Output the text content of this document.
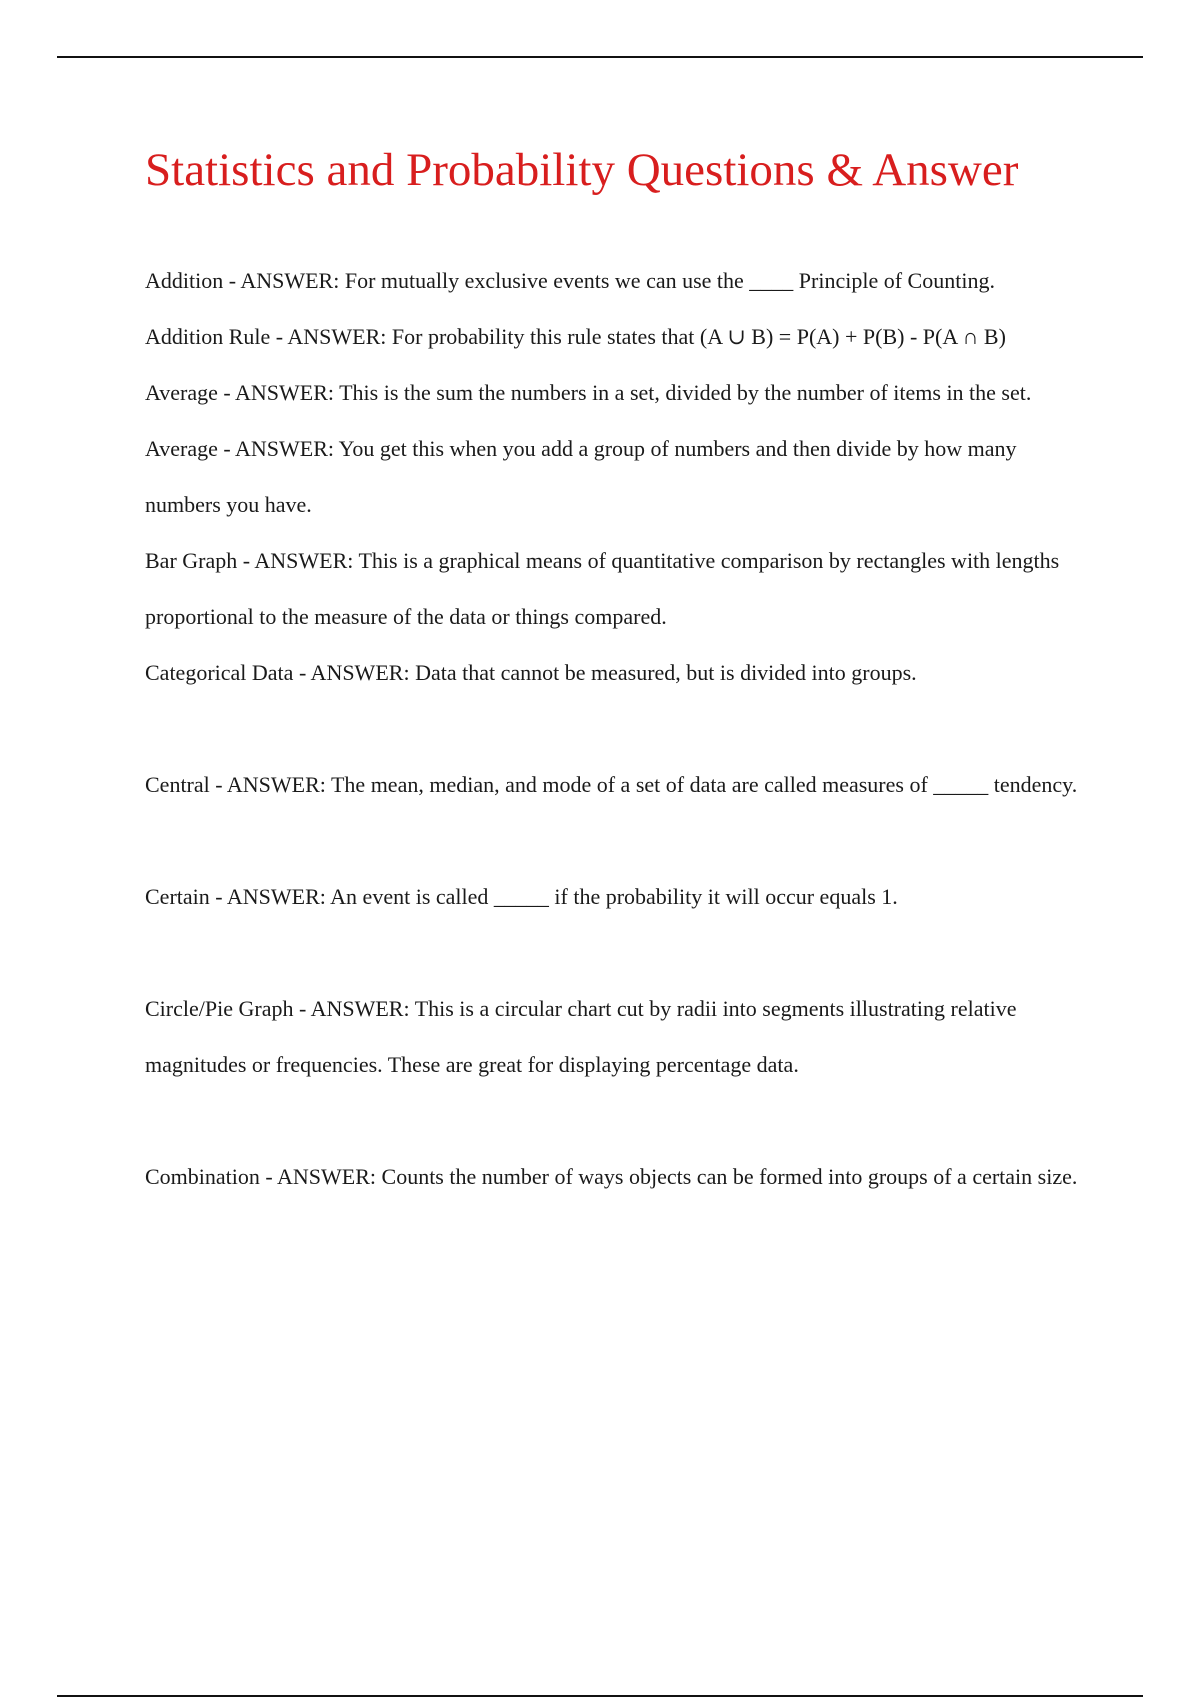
Statistics and Probability Questions & Answer
Addition - ANSWER: For mutually exclusive events we can use the ____ Principle of Counting.
Addition Rule - ANSWER: For probability this rule states that (A ∪ B) = P(A) + P(B) - P(A ∩ B)
Average - ANSWER: This is the sum the numbers in a set, divided by the number of items in the set.
Average - ANSWER: You get this when you add a group of numbers and then divide by how many numbers you have.
Bar Graph - ANSWER: This is a graphical means of quantitative comparison by rectangles with lengths proportional to the measure of the data or things compared.
Categorical Data - ANSWER: Data that cannot be measured, but is divided into groups.
Central - ANSWER: The mean, median, and mode of a set of data are called measures of _____ tendency.
Certain - ANSWER: An event is called _____ if the probability it will occur equals 1.
Circle/Pie Graph - ANSWER: This is a circular chart cut by radii into segments illustrating relative magnitudes or frequencies. These are great for displaying percentage data.
Combination - ANSWER: Counts the number of ways objects can be formed into groups of a certain size.
